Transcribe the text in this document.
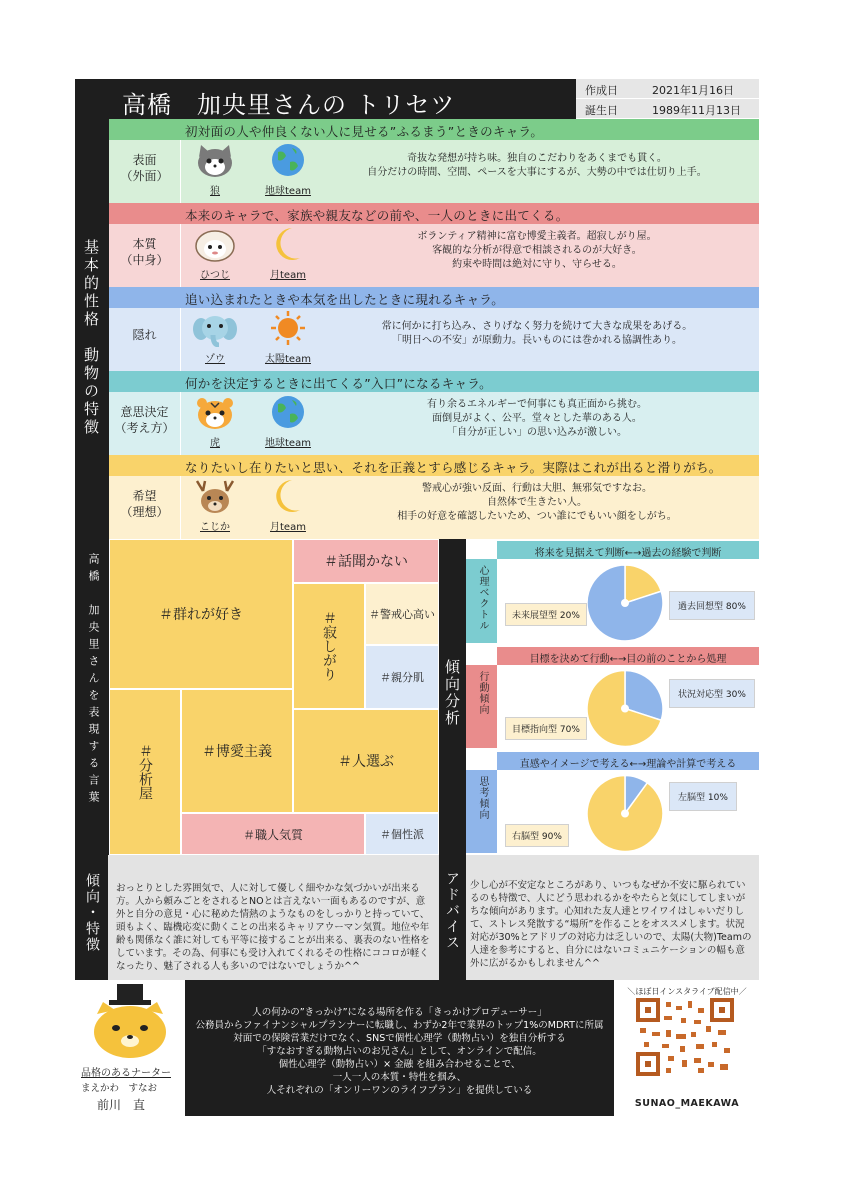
高橋　加央里さんの トリセツ
作成日	2021年1月16日
誕生日	1989年11月13日
基本的性格　動物の特徴
初対面の人や仲良くない人に見せる”ふるまう”ときのキャラ。
表面
（外面）
狼	地球team
奇抜な発想が持ち味。独自のこだわりをあくまでも貫く。
自分だけの時間、空間、ペースを大事にするが、大勢の中では仕切り上手。
本来のキャラで、家族や親友などの前や、一人のときに出てくる。
本質
（中身）
ひつじ	月team
ボランティア精神に富む博愛主義者。超寂しがり屋。
客観的な分析が得意で相談されるのが大好き。
約束や時間は絶対に守り、守らせる。
追い込まれたときや本気を出したときに現れるキャラ。
隠れ
ゾウ	太陽team
常に何かに打ち込み、さりげなく努力を続けて大きな成果をあげる。
「明日への不安」が原動力。長いものには巻かれる協調性あり。
何かを決定するときに出てくる”入口”になるキャラ。
意思決定
（考え方）
虎	地球team
有り余るエネルギーで何事にも真正面から挑む。
面倒見がよく、公平。堂々とした華のある人。
「自分が正しい」の思い込みが激しい。
なりたいし在りたいと思い、それを正義とすら感じるキャラ。実際はこれが出ると滑りがち。
希望
（理想）
こじか	月team
警戒心が強い反面、行動は大胆、無邪気ですなお。
自然体で生きたい人。
相手の好意を確認したいため、つい誰にでもいい顔をしがち。
高橋　加央里さんを表現する言葉	＃群れが好き
＃話聞かない
＃寂しがり	＃警戒心高い
＃親分肌
＃分析屋	＃博愛主義
＃人選ぶ
＃職人気質	＃個性派
傾向分析
将来を見据えて判断←→過去の経験で判断
心理ベクトル	未来展望型 20%
過去回想型 80%
目標を決めて行動←→目の前のことから処理
行動傾向
目標指向型 70%
状況対応型 30%
直感やイメージで考える←→理論や計算で考える
思考傾向
右脳型 90%
左脳型 10%
傾向・特徴	おっとりとした雰囲気で、人に対して優しく細やかな気づかいが出来る方。人から頼みごとをされるとNOとは言えない一面もあるのですが、意外と自分の意見・心に秘めた情熱のようなものをしっかりと持っていて、頭もよく、臨機応変に動くことの出来るキャリアウーマン気質。地位や年齢も関係なく誰に対しても平等に接することが出来る、裏表のない性格をしています。その為、何事にも受け入れてくれるその性格にココロが軽くなったり、魅了される人も多いのではないでしょうか^^
アドバイス	少し心が不安定なところがあり、いつもなぜか不安に駆られているのも特徴で、人にどう思われるかをやたらと気にしてしまいがちな傾向があります。心知れた友人達とワイワイはしゃいだりして、ストレス発散する“場所”を作ることをオススメします。状況対応が30%とアドリブの対応力は乏しいので、太陽(大物)Teamの人達を参考にすると、自分にはないコミュニケーションの幅も意外に広がるかもしれません^^
品格のあるナーター
まえかわ　すなお
前川　直
人の何かの”きっかけ”になる場所を作る「きっかけプロデューサー」
公務員からファイナンシャルプランナーに転職し、わずか2年で業界のトップ1%のMDRTに所属
対面での保険営業だけでなく、SNSで個性心理学（動物占い）を独自分析する
「すなおすぎる動物占いのお兄さん」として、オンラインで配信。
個性心理学（動物占い）× 金融 を組み合わせることで、
一人一人の本質・特性を掴み、
人それぞれの「オンリーワンのライフプラン」を提供している
＼ほぼ日インスタライブ配信中／
SUNAO_MAEKAWA
